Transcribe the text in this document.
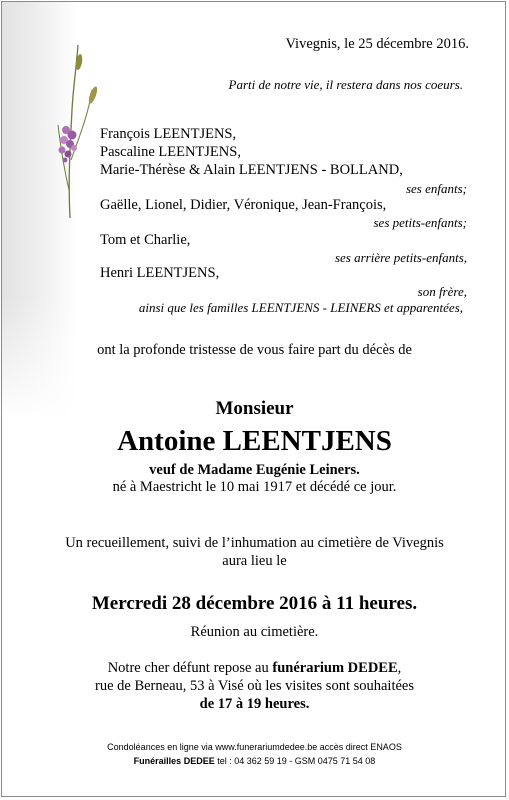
Vivegnis, le 25 décembre 2016.
Parti de notre vie, il restera dans nos coeurs.
François LEENTJENS,
Pascaline LEENTJENS,
Marie-Thérèse & Alain LEENTJENS - BOLLAND,
ses enfants;
Gaëlle, Lionel, Didier, Véronique, Jean-François,
ses petits-enfants;
Tom et Charlie,
ses arrière petits-enfants,
Henri LEENTJENS,
son frère,
ainsi que les familles LEENTJENS - LEINERS et apparentées,
ont la profonde tristesse de vous faire part du décès de
Monsieur
Antoine LEENTJENS
veuf de Madame Eugénie Leiners.
né à Maestricht le 10 mai 1917 et décédé ce jour.
Un recueillement, suivi de l’inhumation au cimetière de Vivegnis
aura lieu le
Mercredi 28 décembre 2016 à 11 heures.
Réunion au cimetière.
Notre cher défunt repose au funérarium DEDEE,
rue de Berneau, 53 à Visé où les visites sont souhaitées
de 17 à 19 heures.
Condoléances en ligne via www.funerariumdedee.be accès direct ENAOS
Funérailles DEDEE tel : 04 362 59 19 - GSM 0475 71 54 08
